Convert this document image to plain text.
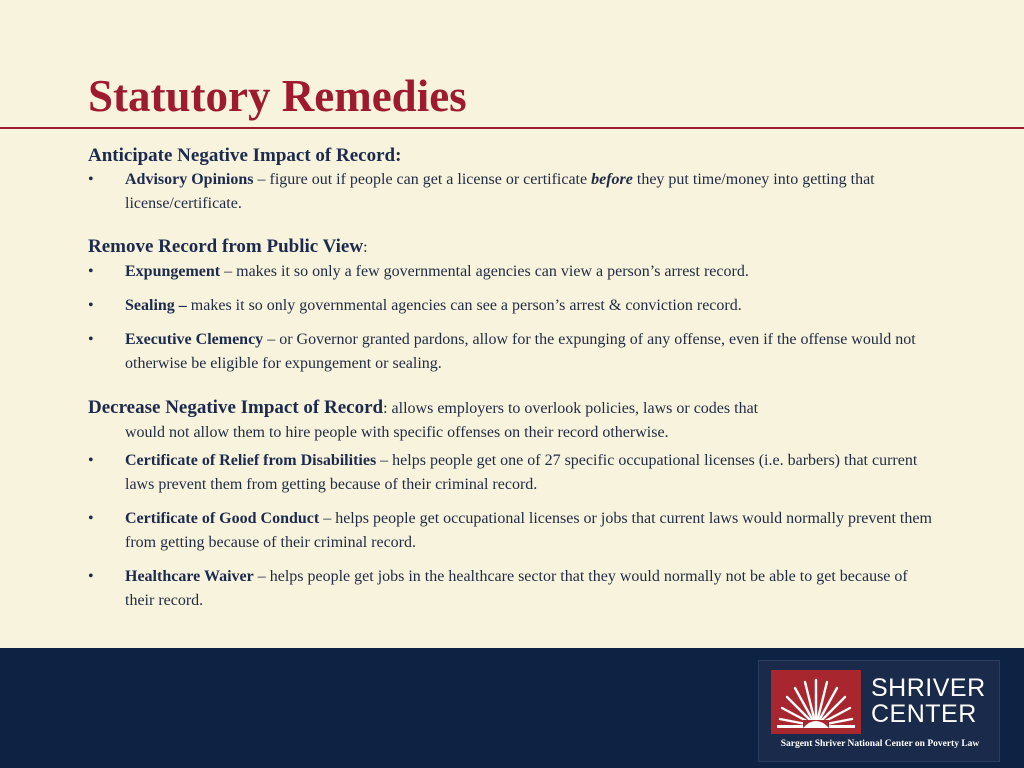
Statutory Remedies
Anticipate Negative Impact of Record:
• Advisory Opinions – figure out if people can get a license or certificate before they put time/money into getting that license/certificate.
Remove Record from Public View:
• Expungement – makes it so only a few governmental agencies can view a person’s arrest record.
• Sealing – makes it so only governmental agencies can see a person’s arrest & conviction record.
• Executive Clemency – or Governor granted pardons, allow for the expunging of any offense, even if the offense would not otherwise be eligible for expungement or sealing.
Decrease Negative Impact of Record: allows employers to overlook policies, laws or codes that
would not allow them to hire people with specific offenses on their record otherwise.
• Certificate of Relief from Disabilities – helps people get one of 27 specific occupational licenses (i.e. barbers) that current laws prevent them from getting because of their criminal record.
• Certificate of Good Conduct – helps people get occupational licenses or jobs that current laws would normally prevent them from getting because of their criminal record.
• Healthcare Waiver – helps people get jobs in the healthcare sector that they would normally not be able to get because of their record.
SHRIVER
CENTER
Sargent Shriver National Center on Poverty Law
